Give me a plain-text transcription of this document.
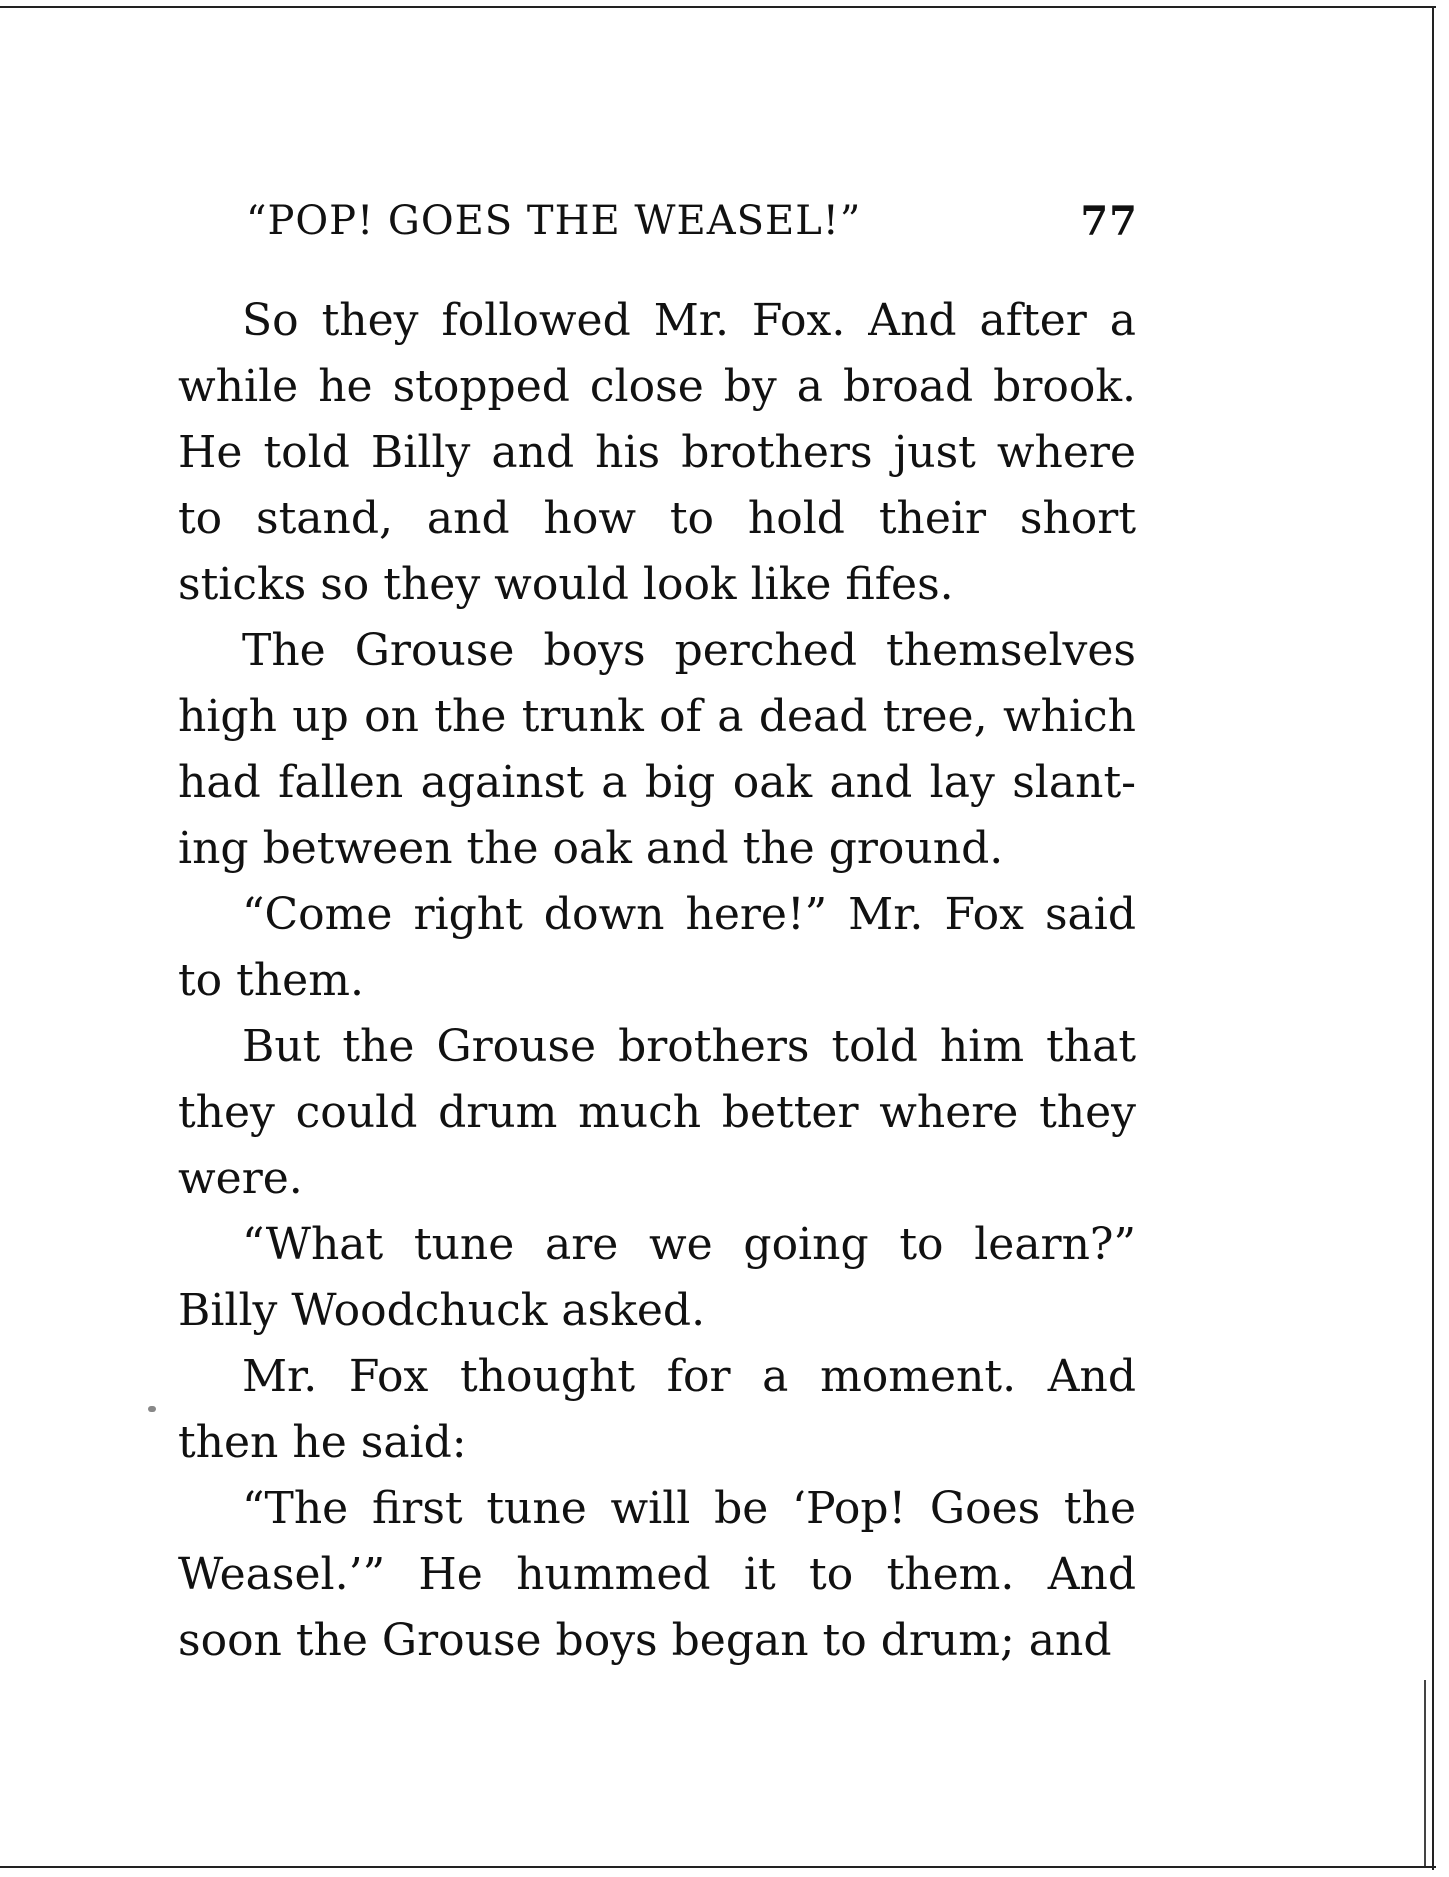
“POP! GOES THE WEASEL!”	77

So they followed Mr. Fox. And after a while he stopped close by a broad brook. He told Billy and his brothers just where to stand, and how to hold their short sticks so they would look like fifes.

The Grouse boys perched themselves high up on the trunk of a dead tree, which had fallen against a big oak and lay slanting between the oak and the ground.

“Come right down here!” Mr. Fox said to them.

But the Grouse brothers told him that they could drum much better where they were.

“What tune are we going to learn?” Billy Woodchuck asked.

Mr. Fox thought for a moment. And then he said:

“The first tune will be ‘Pop! Goes the Weasel.’” He hummed it to them. And soon the Grouse boys began to drum; and
